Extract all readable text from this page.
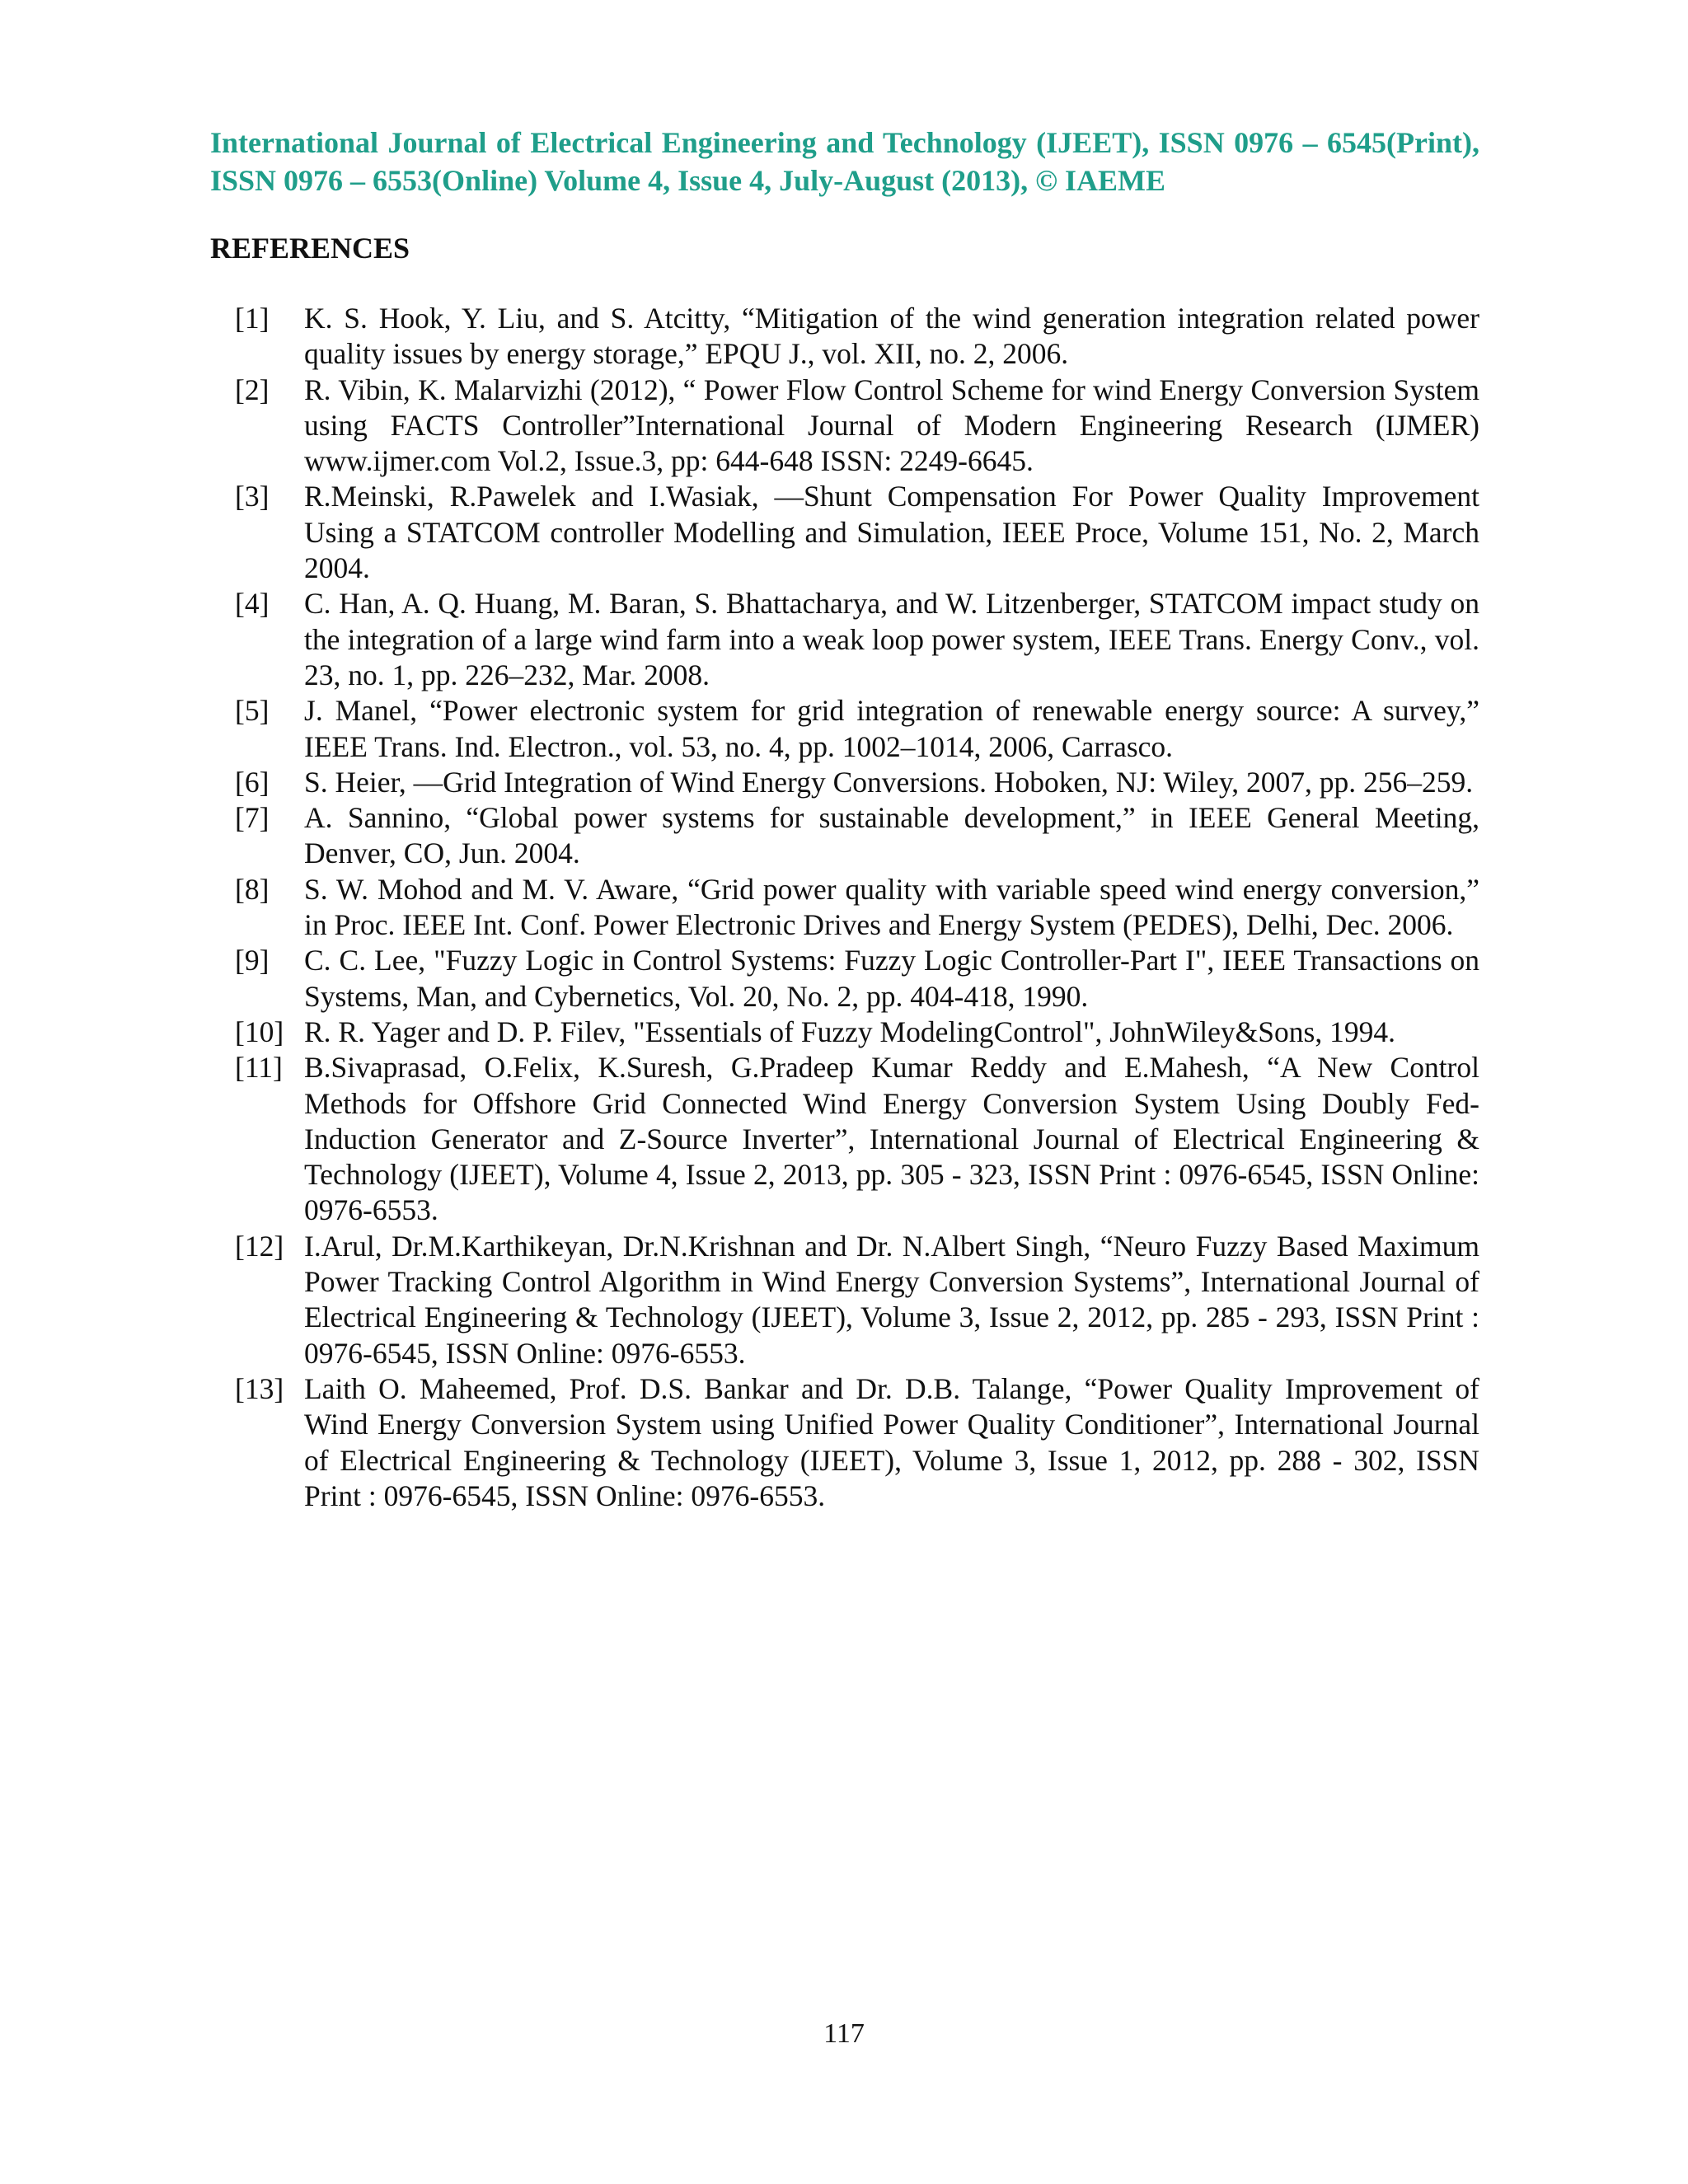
International Journal of Electrical Engineering and Technology (IJEET), ISSN 0976 – 6545(Print), ISSN 0976 – 6553(Online) Volume 4, Issue 4, July-August (2013), © IAEME
REFERENCES
[1]	K. S. Hook, Y. Liu, and S. Atcitty, “Mitigation of the wind generation integration related power quality issues by energy storage,” EPQU J., vol. XII, no. 2, 2006.
[2]	R. Vibin, K. Malarvizhi (2012), “ Power Flow Control Scheme for wind Energy Conversion System using FACTS Controller”International Journal of Modern Engineering Research (IJMER) www.ijmer.com Vol.2, Issue.3, pp: 644-648 ISSN: 2249-6645.
[3]	R.Meinski, R.Pawelek and I.Wasiak, ―Shunt Compensation For Power Quality Improvement Using a STATCOM controller Modelling and Simulation, IEEE Proce, Volume 151, No. 2, March 2004.
[4]	C. Han, A. Q. Huang, M. Baran, S. Bhattacharya, and W. Litzenberger, STATCOM impact study on the integration of a large wind farm into a weak loop power system, IEEE Trans. Energy Conv., vol. 23, no. 1, pp. 226–232, Mar. 2008.
[5]	J. Manel, “Power electronic system for grid integration of renewable energy source: A survey,” IEEE Trans. Ind. Electron., vol. 53, no. 4, pp. 1002–1014, 2006, Carrasco.
[6]	S. Heier, ―Grid Integration of Wind Energy Conversions. Hoboken, NJ: Wiley, 2007, pp. 256–259.
[7]	A. Sannino, “Global power systems for sustainable development,” in IEEE General Meeting, Denver, CO, Jun. 2004.
[8]	S. W. Mohod and M. V. Aware, “Grid power quality with variable speed wind energy conversion,” in Proc. IEEE Int. Conf. Power Electronic Drives and Energy System (PEDES), Delhi, Dec. 2006.
[9]	C. C. Lee, "Fuzzy Logic in Control Systems: Fuzzy Logic Controller-Part I", IEEE Transactions on Systems, Man, and Cybernetics, Vol. 20, No. 2, pp. 404-418, 1990.
[10] R. R. Yager and D. P. Filev, "Essentials of Fuzzy ModelingControl", JohnWiley&Sons, 1994.
[11] B.Sivaprasad, O.Felix, K.Suresh, G.Pradeep Kumar Reddy and E.Mahesh, “A New Control Methods for Offshore Grid Connected Wind Energy Conversion System Using Doubly Fed-Induction Generator and Z-Source Inverter”, International Journal of Electrical Engineering & Technology (IJEET), Volume 4, Issue 2, 2013, pp. 305 - 323, ISSN Print : 0976-6545, ISSN Online: 0976-6553.
[12] I.Arul, Dr.M.Karthikeyan, Dr.N.Krishnan and Dr. N.Albert Singh, “Neuro Fuzzy Based Maximum Power Tracking Control Algorithm in Wind Energy Conversion Systems”, International Journal of Electrical Engineering & Technology (IJEET), Volume 3, Issue 2, 2012, pp. 285 - 293, ISSN Print : 0976-6545, ISSN Online: 0976-6553.
[13] Laith O. Maheemed, Prof. D.S. Bankar and Dr. D.B. Talange, “Power Quality Improvement of Wind Energy Conversion System using Unified Power Quality Conditioner”, International Journal of Electrical Engineering & Technology (IJEET), Volume 3, Issue 1, 2012, pp. 288 - 302, ISSN Print : 0976-6545, ISSN Online: 0976-6553.
117
